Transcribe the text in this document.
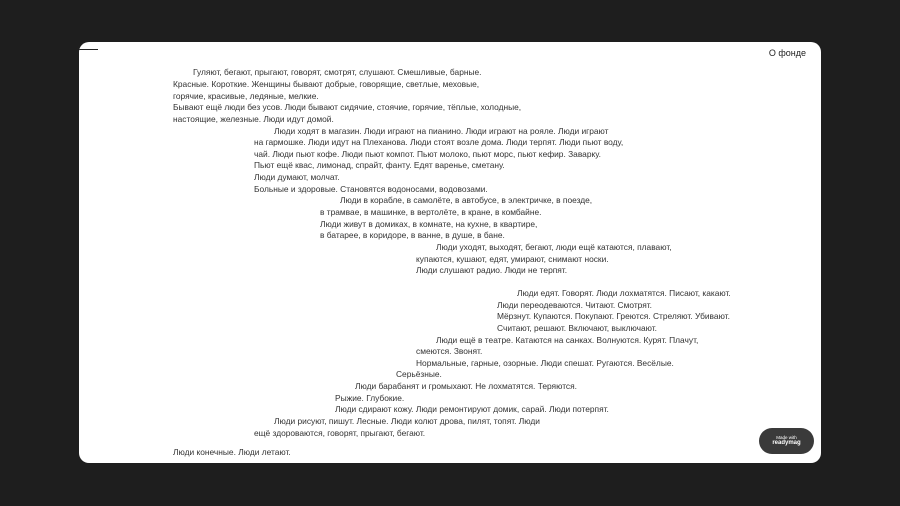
О фонде
Гуляют, бегают, прыгают, говорят, смотрят, слушают. Смешливые, барные.
Красные. Короткие. Женщины бывают добрые, говорящие, светлые, меховые,
горячие, красивые, ледяные, мелкие.
Бывают ещё люди без усов. Люди бывают сидячие, стоячие, горячие, тёплые, холодные,
настоящие, железные. Люди идут домой.
Люди ходят в магазин. Люди играют на пианино. Люди играют на рояле. Люди играют
на гармошке. Люди идут на Плеханова. Люди стоят возле дома. Люди терпят. Люди пьют воду,
чай. Люди пьют кофе. Люди пьют компот. Пьют молоко, пьют морс, пьют кефир. Заварку.
Пьют ещё квас, лимонад, спрайт, фанту. Едят варенье, сметану.
Люди думают, молчат.
Больные и здоровые. Становятся водоносами, водовозами.
Люди в корабле, в самолёте, в автобусе, в электричке, в поезде,
в трамвае, в машинке, в вертолёте, в кране, в комбайне.
Люди живут в домиках, в комнате, на кухне, в квартире,
в батарее, в коридоре, в ванне, в душе, в бане.
Люди уходят, выходят, бегают, люди ещё катаются, плавают,
купаются, кушают, едят, умирают, снимают носки.
Люди слушают радио. Люди не терпят.
Люди едят. Говорят. Люди лохматятся. Писают, какают.
Люди переодеваются. Читают. Смотрят.
Мёрзнут. Купаются. Покупают. Греются. Стреляют. Убивают.
Считают, решают. Включают, выключают.
Люди ещё в театре. Катаются на санках. Волнуются. Курят. Плачут,
смеются. Звонят.
Нормальные, гарные, озорные. Люди спешат. Ругаются. Весёлые.
Серьёзные.
Люди барабанят и громыхают. Не лохматятся. Теряются.
Рыжие. Глубокие.
Люди сдирают кожу. Люди ремонтируют домик, сарай. Люди потерпят.
Люди рисуют, пишут. Лесные. Люди колют дрова, пилят, топят. Люди
ещё здороваются, говорят, прыгают, бегают.
Люди конечные. Люди летают.
Made with
readymag
